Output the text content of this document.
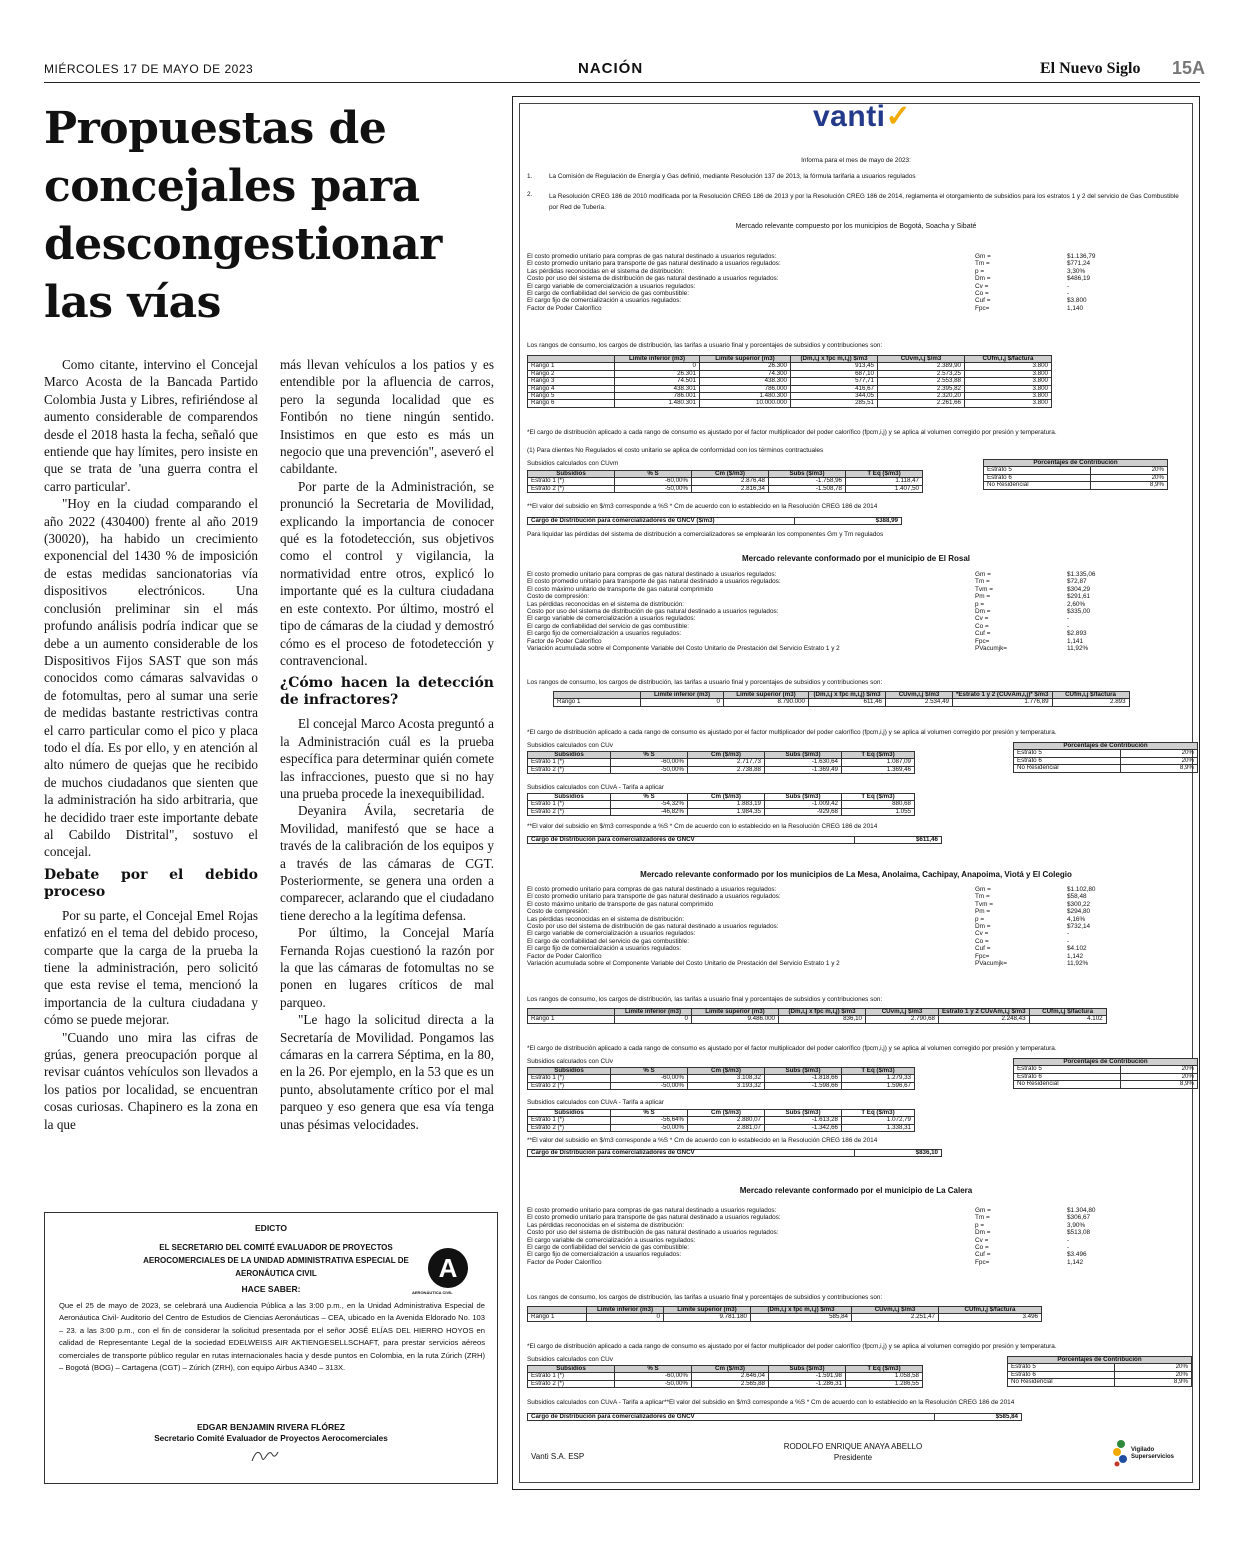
MIÉRCOLES 17 DE MAYO DE 2023	NACIÓN	El Nuevo Siglo 15A
Propuestas de concejales para descongestionar las vías

Como citante, intervino el Concejal Marco Acosta de la Bancada Partido Colombia Justa y Libres, refiriéndose al aumento considerable de comparendos desde el 2018 hasta la fecha, señaló que entiende que hay límites, pero insiste en que se trata de 'una guerra contra el carro particular'.

"Hoy en la ciudad comparando el año 2022 (430400) frente al año 2019 (30020), ha habido un crecimiento exponencial del 1430 % de imposición de estas medidas sancionatorias vía dispositivos electrónicos. Una conclusión preliminar sin el más profundo análisis podría indicar que se debe a un aumento considerable de los Dispositivos Fijos SAST que son más conocidos como cámaras salvavidas o de fotomultas, pero al sumar una serie de medidas bastante restrictivas contra el carro particular como el pico y placa todo el día. Es por ello, y en atención al alto número de quejas que he recibido de muchos ciudadanos que sienten que la administración ha sido arbitraria, que he decidido traer este importante debate al Cabildo Distrital", sostuvo el concejal.

Debate por el debido proceso

Por su parte, el Concejal Emel Rojas enfatizó en el tema del debido proceso, comparte que la carga de la prueba la tiene la administración, pero solicitó que esta revise el tema, mencionó la importancia de la cultura ciudadana y cómo se puede mejorar.

"Cuando uno mira las cifras de grúas, genera preocupación porque al revisar cuántos vehículos son llevados a los patios por localidad, se encuentran cosas curiosas. Chapinero es la zona en la que

más llevan vehículos a los patios y es entendible por la afluencia de carros, pero la segunda localidad que es Fontibón no tiene ningún sentido. Insistimos en que esto es más un negocio que una prevención", aseveró el cabildante.

Por parte de la Administración, se pronunció la Secretaria de Movilidad, explicando la importancia de conocer qué es la fotodetección, sus objetivos como el control y vigilancia, la normatividad entre otros, explicó lo importante qué es la cultura ciudadana en este contexto. Por último, mostró el tipo de cámaras de la ciudad y demostró cómo es el proceso de fotodetección y contravencional.

¿Cómo hacen la detección de infractores?

El concejal Marco Acosta preguntó a la Administración cuál es la prueba específica para determinar quién comete las infracciones, puesto que si no hay una prueba procede la inexequibilidad.

Deyanira Ávila, secretaria de Movilidad, manifestó que se hace a través de la calibración de los equipos y a través de las cámaras de CGT. Posteriormente, se genera una orden a comparecer, aclarando que el ciudadano tiene derecho a la legítima defensa.

Por último, la Concejal María Fernanda Rojas cuestionó la razón por la que las cámaras de fotomultas no se ponen en lugares críticos de mal parqueo.

"Le hago la solicitud directa a la Secretaría de Movilidad. Pongamos las cámaras en la carrera Séptima, en la 80, en la 26. Por ejemplo, en la 53 que es un punto, absolutamente crítico por el mal parqueo y eso genera que esa vía tenga unas pésimas velocidades.

EDICTO
EL SECRETARIO DEL COMITÉ EVALUADOR DE PROYECTOS AEROCOMERCIALES DE LA UNIDAD ADMINISTRATIVA ESPECIAL DE AERONÁUTICA CIVIL
HACE SABER:
Que el 25 de mayo de 2023, se celebrará una Audiencia Pública a las 3:00 p.m., en la Unidad Administrativa Especial de Aeronáutica Civil- Auditorio del Centro de Estudios de Ciencias Aeronáuticas – CEA, ubicado en la Avenida Eldorado No. 103 – 23. a las 3:00 p.m., con el fin de considerar la solicitud presentada por el señor JOSÉ ELÍAS DEL HIERRO HOYOS en calidad de Representante Legal de la sociedad EDELWEISS AIR AKTIENGESELLSCHAFT, para prestar servicios aéreos comerciales de transporte público regular en rutas internacionales hacia y desde puntos en Colombia, en la ruta Zúrich (ZRH) – Bogotá (BOG) – Cartagena (CGT) – Zúrich (ZRH), con equipo Airbus A340 – 313X.
EDGAR BENJAMIN RIVERA FLÓREZ
Secretario Comité Evaluador de Proyectos Aerocomerciales
A
AERONÁUTICA CIVIL
vanti✓
Informa para el mes de mayo de 2023:
1.	La Comisión de Regulación de Energía y Gas definió, mediante Resolución 137 de 2013, la fórmula tarifaria a usuarios regulados
2.	La Resolución CREG 186 de 2010 modificada por la Resolución CREG 186 de 2013 y por la Resolución CREG 186 de 2014, reglamenta el otorgamiento de subsidios para los estratos 1 y 2 del servicio de Gas Combustible por Red de Tubería.
Mercado relevante compuesto por los municipios de Bogotá, Soacha y Sibaté
El costo promedio unitario para compras de gas natural destinado a usuarios regulados:	Gm =	$1.136,79
El costo promedio unitario para transporte de gas natural destinado a usuarios regulados:	Tm =	$771,24
Las pérdidas reconocidas en el sistema de distribución:	p =	3,30%
Costo por uso del sistema de distribución de gas natural destinado a usuarios regulados:	Dm =	$486,19
El cargo variable de comercialización a usuarios regulados:	Cv =	-
El cargo de confiabilidad del servicio de gas combustible:	Co =	-
El cargo fijo de comercialización a usuarios regulados:	Cuf =	$3.800
Factor de Poder Calorífico	Fpc=	1,140
Los rangos de consumo, los cargos de distribución, las tarifas a usuario final y porcentajes de subsidios y contribuciones son:
	Límite inferior (m3)	Límite superior (m3)	(Dm,i,j x fpc m,i,j) $/m3	CUvm,i,j $/m3	CUfm,i,j $/factura
Rango 1	0	26.300	913,45	2.389,90	3.800
Rango 2	26.301	74.300	687,10	2.573,25	3.800
Rango 3	74.501	438.300	577,71	2.553,88	3.800
Rango 4	438.301	786.000	416,67	2.395,82	3.800
Rango 5	786.001	1.480.300	344,05	2.320,20	3.800
Rango 6	1.480.301	10.000.000	285,51	2.261,66	3.800
*El cargo de distribución aplicado a cada rango de consumo es ajustado por el factor multiplicador del poder calorífico (fpcm,i,j) y se aplica al volumen corregido por presión y temperatura.
(1) Para clientes No Regulados el costo unitario se aplica de conformidad con los términos contractuales
Subsidios calculados con CUvm
Subsidios	% S	Cm ($/m3)	Subs ($/m3)	T Eq ($/m3)
Estrato 1 (*)	-60,00%	2.876,48	-1.758,96	1.118,47
Estrato 2 (*)	-50,00%	2.816,34	-1.508,78	1.407,50
Porcentajes de Contribución	
Estrato 5	20%
Estrato 6	20%
No Residencial	8,9%
**El valor del subsidio en $/m3 corresponde a %S * Cm de acuerdo con lo establecido en la Resolución CREG 186 de 2014
Cargo de Distribución para comercializadores de GNCV ($/m3)	$388,99
Para liquidar las pérdidas del sistema de distribución a comercializadores se emplearán los componentes Gm y Tm regulados
Mercado relevante conformado por el municipio de El Rosal
El costo promedio unitario para compras de gas natural destinado a usuarios regulados:	Gm =	$1.335,06
El costo promedio unitario para transporte de gas natural destinado a usuarios regulados:	Tm =	$72,87
El costo máximo unitario de transporte de gas natural comprimido	Tvm =	$304,29
Costo de compresión:	Pm =	$291,61
Las pérdidas reconocidas en el sistema de distribución:	p =	2,60%
Costo por uso del sistema de distribución de gas natural destinado a usuarios regulados:	Dm =	$335,00
El cargo variable de comercialización a usuarios regulados:	Cv =	-
El cargo de confiabilidad del servicio de gas combustible:	Co =	-
El cargo fijo de comercialización a usuarios regulados:	Cuf =	$2.893
Factor de Poder Calorífico	Fpc=	1,141
Variación acumulada sobre el Componente Variable del Costo Unitario de Prestación del Servicio Estrato 1 y 2	PVacumjk=	11,92%
Los rangos de consumo, los cargos de distribución, las tarifas a usuario final y porcentajes de subsidios y contribuciones son:
	Límite inferior (m3)	Límite superior (m3)	(Dm,i,j x fpc m,i,j) $/m3	CUvm,i,j $/m3	*Estrato 1 y 2 (CUvAm,i,j)* $/m3	CUfm,i,j $/factura
Rango 1	0	8.790.000	611,46	2.534,49	1.776,89	2.893
*El cargo de distribución aplicado a cada rango de consumo es ajustado por el factor multiplicador del poder calorífico (fpcm,i,j) y se aplica al volumen corregido por presión y temperatura.
Subsidios calculados con CUv
Subsidios	% S	Cm ($/m3)	Subs ($/m3)	T Eq ($/m3)
Estrato 1 (*)	-60,00%	2.717,73	-1.630,64	1.087,09
Estrato 2 (*)	-50,00%	2.738,88	-1.369,49	1.369,46
Porcentajes de Contribución	
Estrato 5	20%
Estrato 6	20%
No Residencial	8,9%
Subsidios calculados con CUvA - Tarifa a aplicar
Subsidios	% S	Cm ($/m3)	Subs ($/m3)	T Eq ($/m3)
Estrato 1 (*)	-54,32%	1.883,19	-1.009,42	880,68
Estrato 2 (*)	-46,82%	1.984,35	-929,68	1.055
**El valor del subsidio en $/m3 corresponde a %S * Cm de acuerdo con lo establecido en la Resolución CREG 186 de 2014
Cargo de Distribución para comercializadores de GNCV	$611,46
Mercado relevante conformado por los municipios de La Mesa, Anolaima, Cachipay, Anapoima, Viotá y El Colegio
El costo promedio unitario para compras de gas natural destinado a usuarios regulados:	Gm =	$1.102,80
El costo promedio unitario para transporte de gas natural destinado a usuarios regulados:	Tm =	$58,48
El costo máximo unitario de transporte de gas natural comprimido	Tvm =	$300,22
Costo de compresión:	Pm =	$294,80
Las pérdidas reconocidas en el sistema de distribución:	p =	4,16%
Costo por uso del sistema de distribución de gas natural destinado a usuarios regulados:	Dm =	$732,14
El cargo variable de comercialización a usuarios regulados:	Cv =	-
El cargo de confiabilidad del servicio de gas combustible:	Co =	-
El cargo fijo de comercialización a usuarios regulados:	Cuf =	$4.102
Factor de Poder Calorífico	Fpc=	1,142
Variación acumulada sobre el Componente Variable del Costo Unitario de Prestación del Servicio Estrato 1 y 2	PVacumjk=	11,92%
Los rangos de consumo, los cargos de distribución, las tarifas a usuario final y porcentajes de subsidios y contribuciones son:
	Límite inferior (m3)	Límite superior (m3)	(Dm,i,j x fpc m,i,j) $/m3	CUvm,i,j $/m3	Estrato 1 y 2 CUvAm,i,j $/m3	CUfm,i,j $/factura
Rango 1	0	9.486.000	836,10	2.790,68	2.248,43	4.102
*El cargo de distribución aplicado a cada rango de consumo es ajustado por el factor multiplicador del poder calorífico (fpcm,i,j) y se aplica al volumen corregido por presión y temperatura.
Subsidios calculados con CUv
Subsidios	% S	Cm ($/m3)	Subs ($/m3)	T Eq ($/m3)
Estrato 1 (*)	-60,00%	3.108,32	-1.818,66	1.279,33
Estrato 2 (*)	-50,00%	3.193,32	-1.598,66	1.596,67
Porcentajes de Contribución	
Estrato 5	20%
Estrato 6	20%
No Residencial	8,9%
Subsidios calculados con CUvA - Tarifa a aplicar
Subsidios	% S	Cm ($/m3)	Subs ($/m3)	T Eq ($/m3)
Estrato 1 (*)	-56,64%	2.880,07	-1.613,28	1.072,79
Estrato 2 (*)	-50,00%	2.881,07	-1.342,66	1.338,31
**El valor del subsidio en $/m3 corresponde a %S * Cm de acuerdo con lo establecido en la Resolución CREG 186 de 2014
Cargo de Distribución para comercializadores de GNCV	$836,10
Mercado relevante conformado por el municipio de La Calera
El costo promedio unitario para compras de gas natural destinado a usuarios regulados:	Gm =	$1.304,80
El costo promedio unitario para transporte de gas natural destinado a usuarios regulados:	Tm =	$306,67
Las pérdidas reconocidas en el sistema de distribución:	p =	3,90%
Costo por uso del sistema de distribución de gas natural destinado a usuarios regulados:	Dm =	$513,08
El cargo variable de comercialización a usuarios regulados:	Cv =	-
El cargo de confiabilidad del servicio de gas combustible:	Co =	-
El cargo fijo de comercialización a usuarios regulados:	Cuf =	$3.496
Factor de Poder Calorífico	Fpc=	1,142
Los rangos de consumo, los cargos de distribución, las tarifas a usuario final y porcentajes de subsidios y contribuciones son:
	Límite inferior (m3)	Límite superior (m3)	(Dm,i,j x fpc m,i,j) $/m3	CUvm,i,j $/m3	CUfm,i,j $/factura
Rango 1	0	9.781.180	585,84	2.251,47	3.496
*El cargo de distribución aplicado a cada rango de consumo es ajustado por el factor multiplicador del poder calorífico (fpcm,i,j) y se aplica al volumen corregido por presión y temperatura.
Subsidios calculados con CUv
Subsidios	% S	Cm ($/m3)	Subs ($/m3)	T Eq ($/m3)
Estrato 1 (*)	-60,00%	2.646,04	-1.591,98	1.058,58
Estrato 2 (*)	-50,00%	2.565,88	-1.286,31	1.286,55
Porcentajes de Contribución	
Estrato 5	20%
Estrato 6	20%
No Residencial	8,9%
Subsidios calculados con CUvA - Tarifa a aplicar**El valor del subsidio en $/m3 corresponde a %S * Cm de acuerdo con lo establecido en la Resolución CREG 186 de 2014
Cargo de Distribución para comercializadores de GNCV	$585,84
Vanti S.A. ESP
RODOLFO ENRIQUE ANAYA ABELLO
Presidente
Vigilado Superservicios
